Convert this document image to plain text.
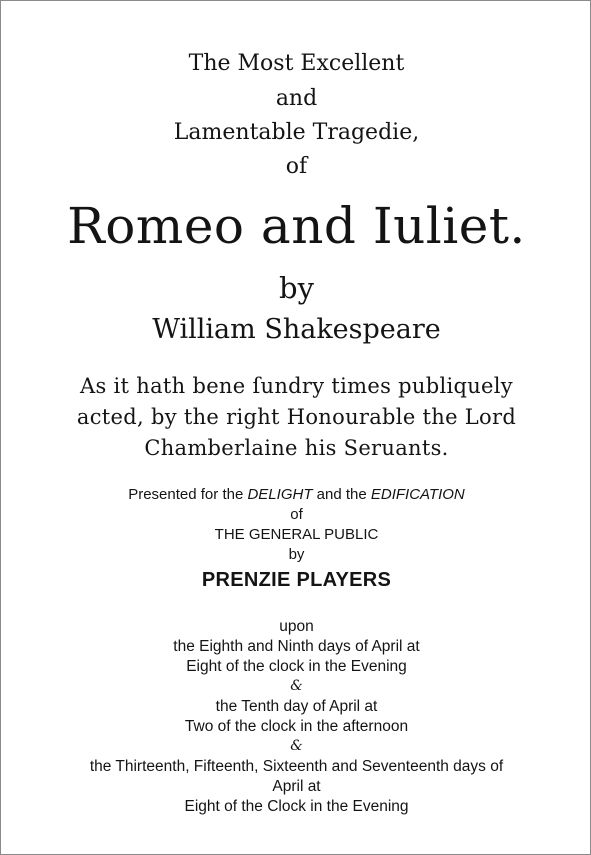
The Most Excellent
and
Lamentable Tragedie,
of
Romeo and Iuliet.
by
William Shakespeare
As it hath bene ſundry times publiquely
acted, by the right Honourable the Lord
Chamberlaine his Seruants.
Presented for the DELIGHT and the EDIFICATION
of
THE GENERAL PUBLIC
by
PRENZIE PLAYERS
upon
the Eighth and Ninth days of April at
Eight of the clock in the Evening
&
the Tenth day of April at
Two of the clock in the afternoon
&
the Thirteenth, Fifteenth, Sixteenth and Seventeenth days of
April at
Eight of the Clock in the Evening
